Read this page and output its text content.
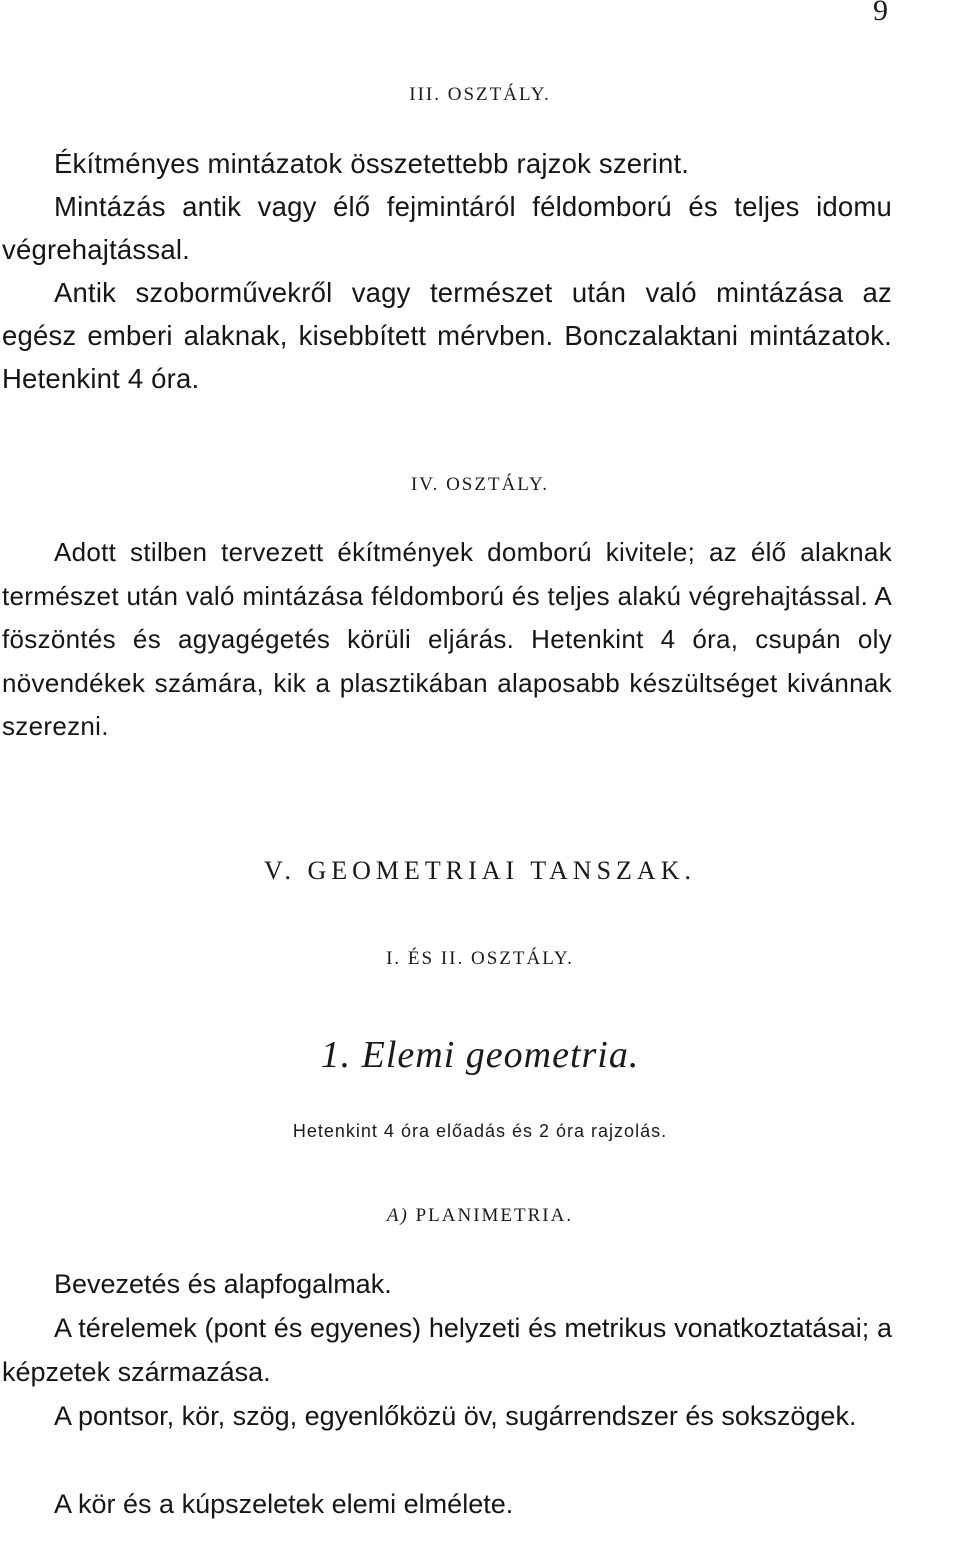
9
III. OSZTÁLY.

Ékítményes mintázatok összetettebb rajzok szerint.

Mintázás antik vagy élő fejmintáról féldomború és teljes idomu végrehajtással.

Antik szoborművekről vagy természet után való mintázása az egész emberi alaknak, kisebbített mérvben. Bonczalaktani mintázatok. Hetenkint 4 óra.

IV. OSZTÁLY.

Adott stilben tervezett ékítmények domború kivitele; az élő alaknak természet után való mintázása féldomború és teljes alakú végrehajtással. A föszöntés és agyagégetés körüli eljárás. Hetenkint 4 óra, csupán oly növendékek számára, kik a plasztikában alaposabb készültséget kivánnak szerezni.

V. GEOMETRIAI TANSZAK.
I. ÉS II. OSZTÁLY.
1. Elemi geometria.
Hetenkint 4 óra előadás és 2 óra rajzolás.
A) PLANIMETRIA.

Bevezetés és alapfogalmak.

A térelemek (pont és egyenes) helyzeti és metrikus vonatkoztatásai; a képzetek származása.

A pontsor, kör, szög, egyenlőközü öv, sugárrendszer és sokszögek.

A kör és a kúpszeletek elemi elmélete.
